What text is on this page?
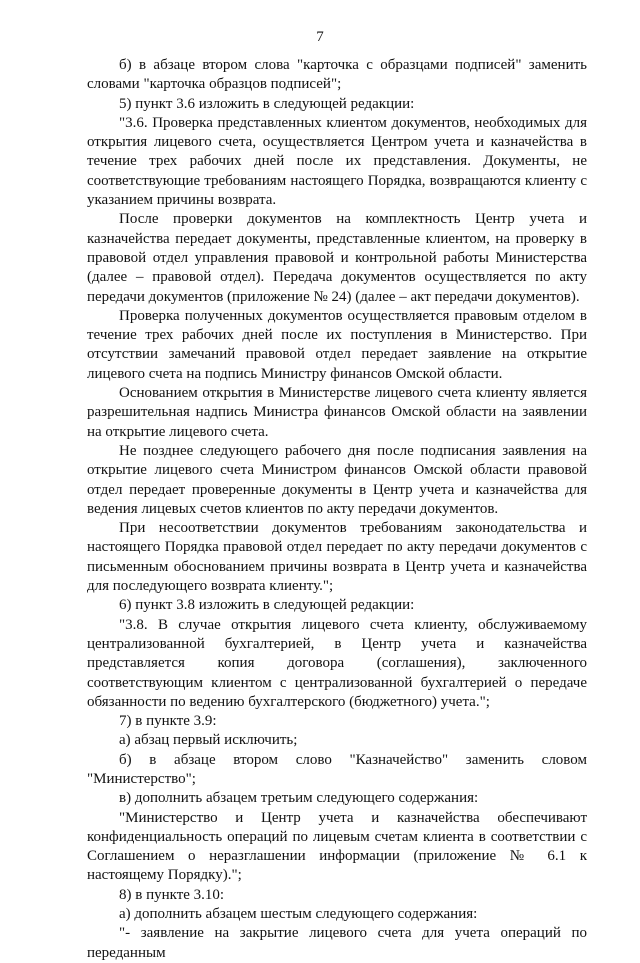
7

б) в абзаце втором слова "карточка с образцами подписей" заменить словами "карточка образцов подписей";

5) пункт 3.6 изложить в следующей редакции:

"3.6. Проверка представленных клиентом документов, необходимых для открытия лицевого счета, осуществляется Центром учета и казначейства в течение трех рабочих дней после их представления. Документы, не соответствующие требованиям настоящего Порядка, возвращаются клиенту с указанием причины возврата.

После проверки документов на комплектность Центр учета и казначейства передает документы, представленные клиентом, на проверку в правовой отдел управления правовой и контрольной работы Министерства (далее – правовой отдел). Передача документов осуществляется по акту передачи документов (приложение № 24) (далее – акт передачи документов).

Проверка полученных документов осуществляется правовым отделом в течение трех рабочих дней после их поступления в Министерство. При отсутствии замечаний правовой отдел передает заявление на открытие лицевого счета на подпись Министру финансов Омской области.

Основанием открытия в Министерстве лицевого счета клиенту является разрешительная надпись Министра финансов Омской области на заявлении на открытие лицевого счета.

Не позднее следующего рабочего дня после подписания заявления на открытие лицевого счета Министром финансов Омской области правовой отдел передает проверенные документы в Центр учета и казначейства для ведения лицевых счетов клиентов по акту передачи документов.

При несоответствии документов требованиям законодательства и настоящего Порядка правовой отдел передает по акту передачи документов с письменным обоснованием причины возврата в Центр учета и казначейства для последующего возврата клиенту.";

6) пункт 3.8 изложить в следующей редакции:

"3.8. В случае открытия лицевого счета клиенту, обслуживаемому централизованной бухгалтерией, в Центр учета и казначейства представляется копия договора (соглашения), заключенного соответствующим клиентом с централизованной бухгалтерией о передаче обязанности по ведению бухгалтерского (бюджетного) учета.";

7) в пункте 3.9:

а) абзац первый исключить;

б) в абзаце втором слово "Казначейство" заменить словом "Министерство";

в) дополнить абзацем третьим следующего содержания:

"Министерство и Центр учета и казначейства обеспечивают конфиденциальность операций по лицевым счетам клиента в соответствии с Соглашением о неразглашении информации (приложение № 6.1 к настоящему Порядку).";

8) в пункте 3.10:

а) дополнить абзацем шестым следующего содержания:

"- заявление на закрытие лицевого счета для учета операций по переданным
